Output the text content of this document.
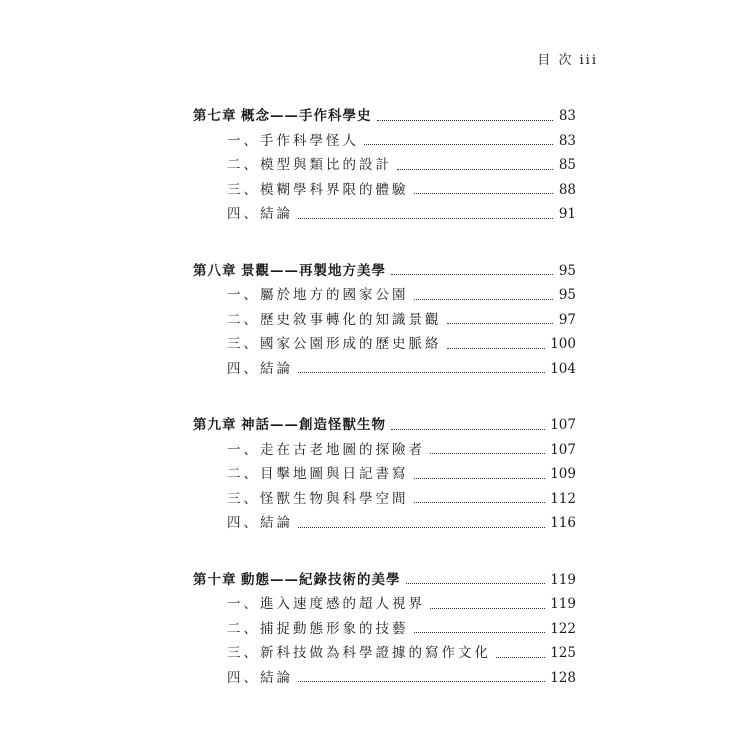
目 次 iii
第七章 概念——手作科學史	83
一、手作科學怪人	83
二、模型與類比的設計	85
三、模糊學科界限的體驗	88
四、結論	91
第八章 景觀——再製地方美學	95
一、屬於地方的國家公園	95
二、歷史敘事轉化的知識景觀	97
三、國家公園形成的歷史脈絡	100
四、結論	104
第九章 神話——創造怪獸生物	107
一、走在古老地圖的探險者	107
二、目擊地圖與日記書寫	109
三、怪獸生物與科學空間	112
四、結論	116
第十章 動態——紀錄技術的美學	119
一、進入速度感的超人視界	119
二、捕捉動態形象的技藝	122
三、新科技做為科學證據的寫作文化	125
四、結論	128
